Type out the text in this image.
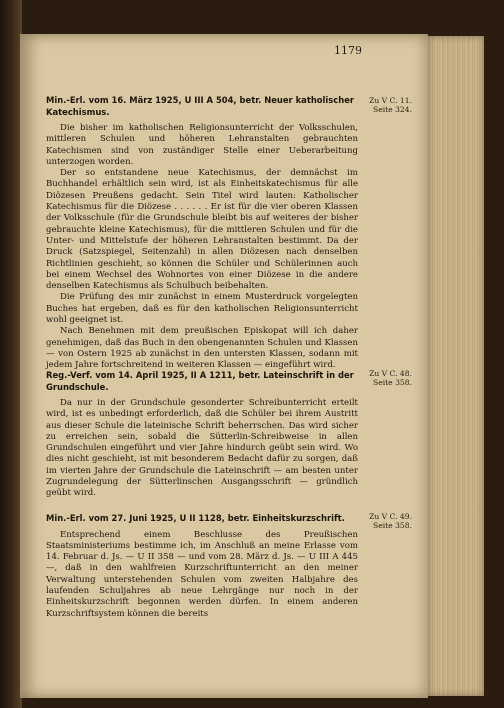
1179
Min.-Erl. vom 16. März 1925, U III A 504, betr. Neuer katholischer Katechismus.

Die bisher im katholischen Religionsunterricht der Volksschulen, mittleren Schulen und höheren Lehranstalten gebrauchten Katechismen sind von zuständiger Stelle einer Ueberarbeitung unterzogen worden.

Der so entstandene neue Katechismus, der demnächst im Buchhandel erhältlich sein wird, ist als Einheitskatechismus für alle Diözesen Preußens gedacht. Sein Titel wird lauten: Katholischer Katechismus für die Diözese . . . . . . Er ist für die vier oberen Klassen der Volksschule (für die Grundschule bleibt bis auf weiteres der bisher gebrauchte kleine Katechismus), für die mittleren Schulen und für die Unter- und Mittelstufe der höheren Lehranstalten bestimmt. Da der Druck (Satzspiegel, Seitenzahl) in allen Diözesen nach denselben Richtlinien geschieht, so können die Schüler und Schülerinnen auch bei einem Wechsel des Wohnortes von einer Diözese in die andere denselben Katechismus als Schulbuch beibehalten.

Die Prüfung des mir zunächst in einem Musterdruck vorgelegten Buches hat ergeben, daß es für den katholischen Religionsunterricht wohl geeignet ist.

Nach Benehmen mit dem preußischen Episkopat will ich daher genehmigen, daß das Buch in den obengenannten Schulen und Klassen — von Ostern 1925 ab zunächst in den untersten Klassen, sodann mit jedem Jahre fortschreitend in weiteren Klassen — eingeführt wird.

Zu V C. 11.
Seite 324.
Reg.-Verf. vom 14. April 1925, II A 1211, betr. Lateinschrift in der Grundschule.

Da nur in der Grundschule gesonderter Schreibunterricht erteilt wird, ist es unbedingt erforderlich, daß die Schüler bei ihrem Austritt aus dieser Schule die lateinische Schrift beherrschen. Das wird sicher zu erreichen sein, sobald die Sütterlin-Schreibweise in allen Grundschulen eingeführt und vier Jahre hindurch geübt sein wird. Wo dies nicht geschieht, ist mit besonderem Bedacht dafür zu sorgen, daß im vierten Jahre der Grundschule die Lateinschrift — am besten unter Zugrundelegung der Sütterlinschen Ausgangsschrift — gründlich geübt wird.

Zu V C. 48.
Seite 358.
Min.-Erl. vom 27. Juni 1925, U II 1128, betr. Einheitskurzschrift.

Entsprechend einem Beschlusse des Preußischen Staatsministeriums bestimme ich, im Anschluß an meine Erlasse vom 14. Februar d. Js. — U II 358 — und vom 28. März d. Js. — U III A 445 —, daß in den wahlfreien Kurzschriftunterricht an den meiner Verwaltung unterstehenden Schulen vom zweiten Halbjahre des laufenden Schuljahres ab neue Lehrgänge nur noch in der Einheitskurzschrift begonnen werden dürfen. In einem anderen Kurzschriftsystem können die bereits

Zu V C. 49.
Seite 358.
